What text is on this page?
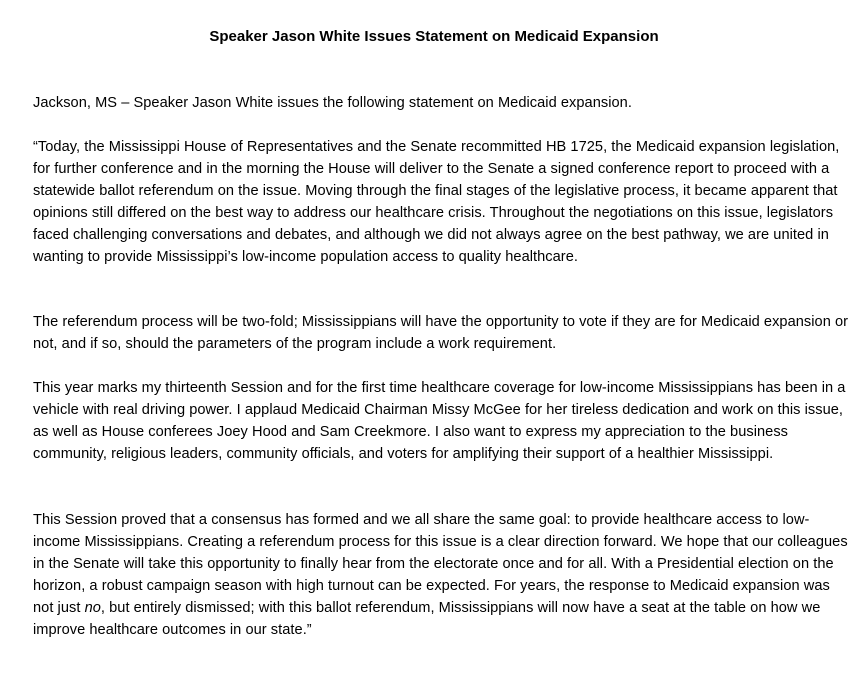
Speaker Jason White Issues Statement on Medicaid Expansion

Jackson, MS – Speaker Jason White issues the following statement on Medicaid expansion.

“Today, the Mississippi House of Representatives and the Senate recommitted HB 1725, the Medicaid expansion legislation, for further conference and in the morning the House will deliver to the Senate a signed conference report to proceed with a statewide ballot referendum on the issue. Moving through the final stages of the legislative process, it became apparent that opinions still differed on the best way to address our healthcare crisis. Throughout the negotiations on this issue, legislators faced challenging conversations and debates, and although we did not always agree on the best pathway, we are united in wanting to provide Mississippi’s low-income population access to quality healthcare.

The referendum process will be two-fold; Mississippians will have the opportunity to vote if they are for Medicaid expansion or not, and if so, should the parameters of the program include a work requirement.

This year marks my thirteenth Session and for the first time healthcare coverage for low-income Mississippians has been in a vehicle with real driving power. I applaud Medicaid Chairman Missy McGee for her tireless dedication and work on this issue, as well as House conferees Joey Hood and Sam Creekmore. I also want to express my appreciation to the business community, religious leaders, community officials, and voters for amplifying their support of a healthier Mississippi.

This Session proved that a consensus has formed and we all share the same goal: to provide healthcare access to low-income Mississippians. Creating a referendum process for this issue is a clear direction forward. We hope that our colleagues in the Senate will take this opportunity to finally hear from the electorate once and for all. With a Presidential election on the horizon, a robust campaign season with high turnout can be expected. For years, the response to Medicaid expansion was not just no, but entirely dismissed; with this ballot referendum, Mississippians will now have a seat at the table on how we improve healthcare outcomes in our state.”
